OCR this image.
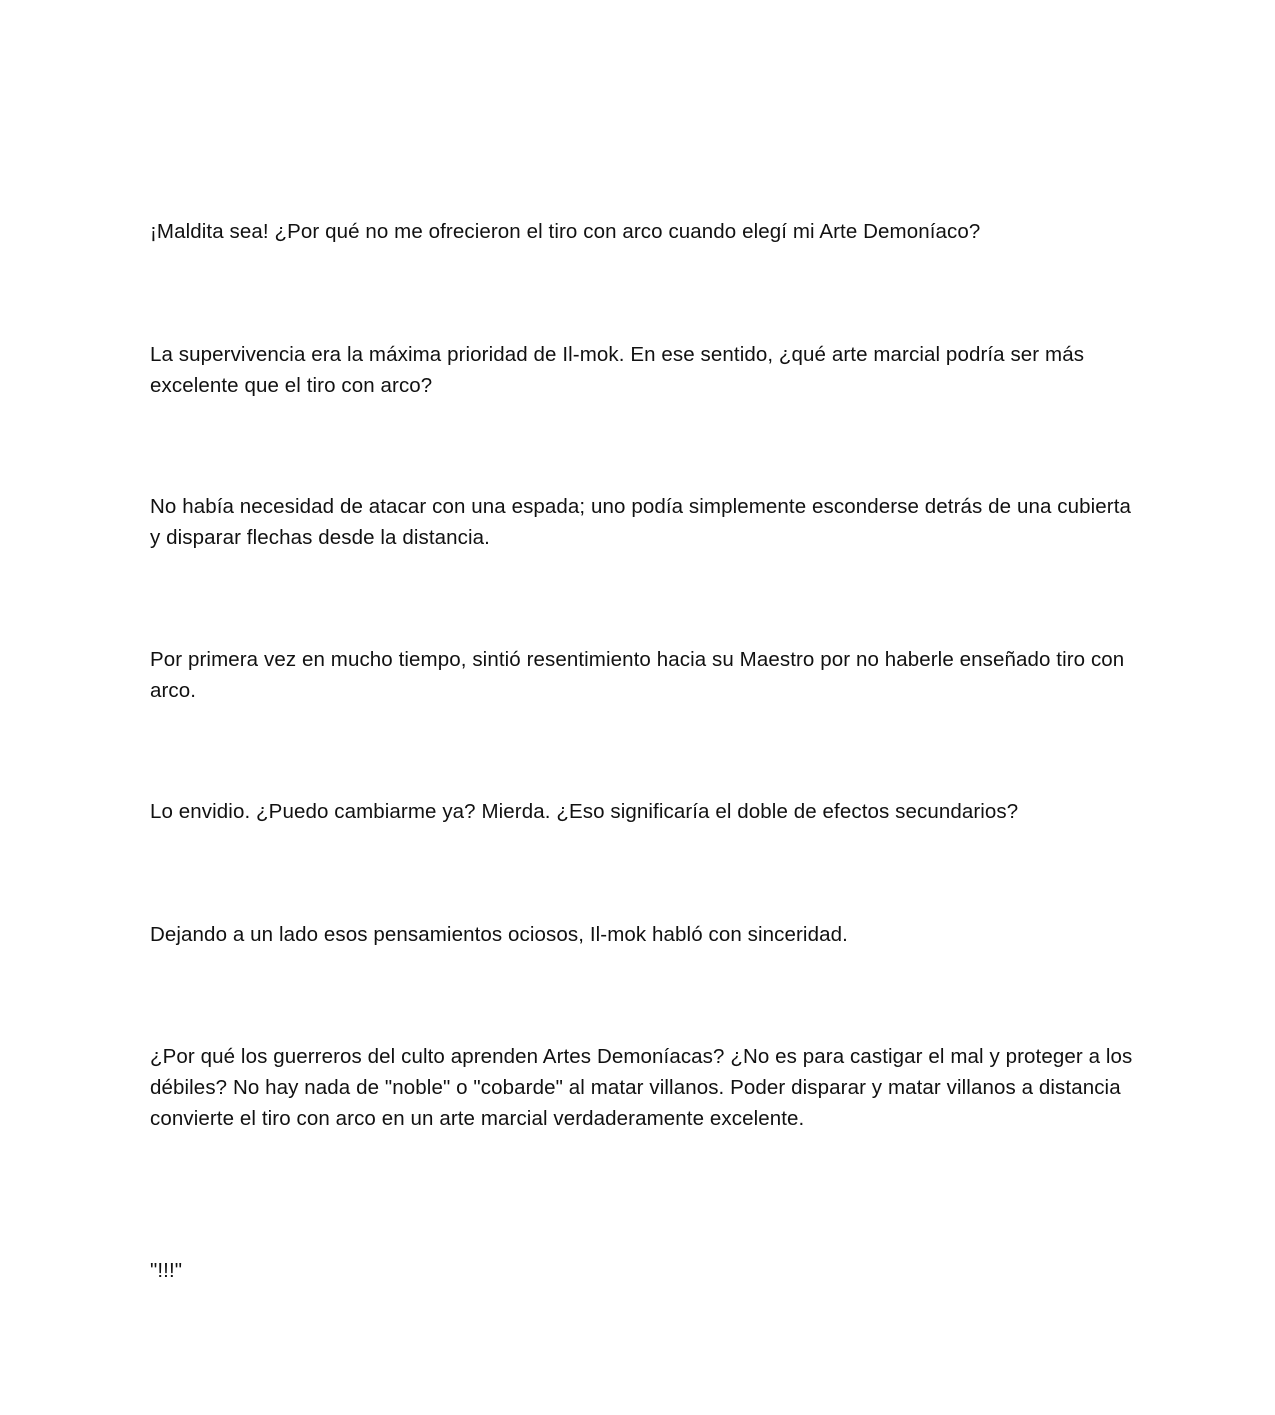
¡Maldita sea! ¿Por qué no me ofrecieron el tiro con arco cuando elegí mi Arte Demoníaco?

La supervivencia era la máxima prioridad de Il-mok. En ese sentido, ¿qué arte marcial podría ser más excelente que el tiro con arco?

No había necesidad de atacar con una espada; uno podía simplemente esconderse detrás de una cubierta y disparar flechas desde la distancia.

Por primera vez en mucho tiempo, sintió resentimiento hacia su Maestro por no haberle enseñado tiro con arco.

Lo envidio. ¿Puedo cambiarme ya? Mierda. ¿Eso significaría el doble de efectos secundarios?

Dejando a un lado esos pensamientos ociosos, Il-mok habló con sinceridad.

¿Por qué los guerreros del culto aprenden Artes Demoníacas? ¿No es para castigar el mal y proteger a los débiles? No hay nada de "noble" o "cobarde" al matar villanos. Poder disparar y matar villanos a distancia convierte el tiro con arco en un arte marcial verdaderamente excelente.

"!!!"
